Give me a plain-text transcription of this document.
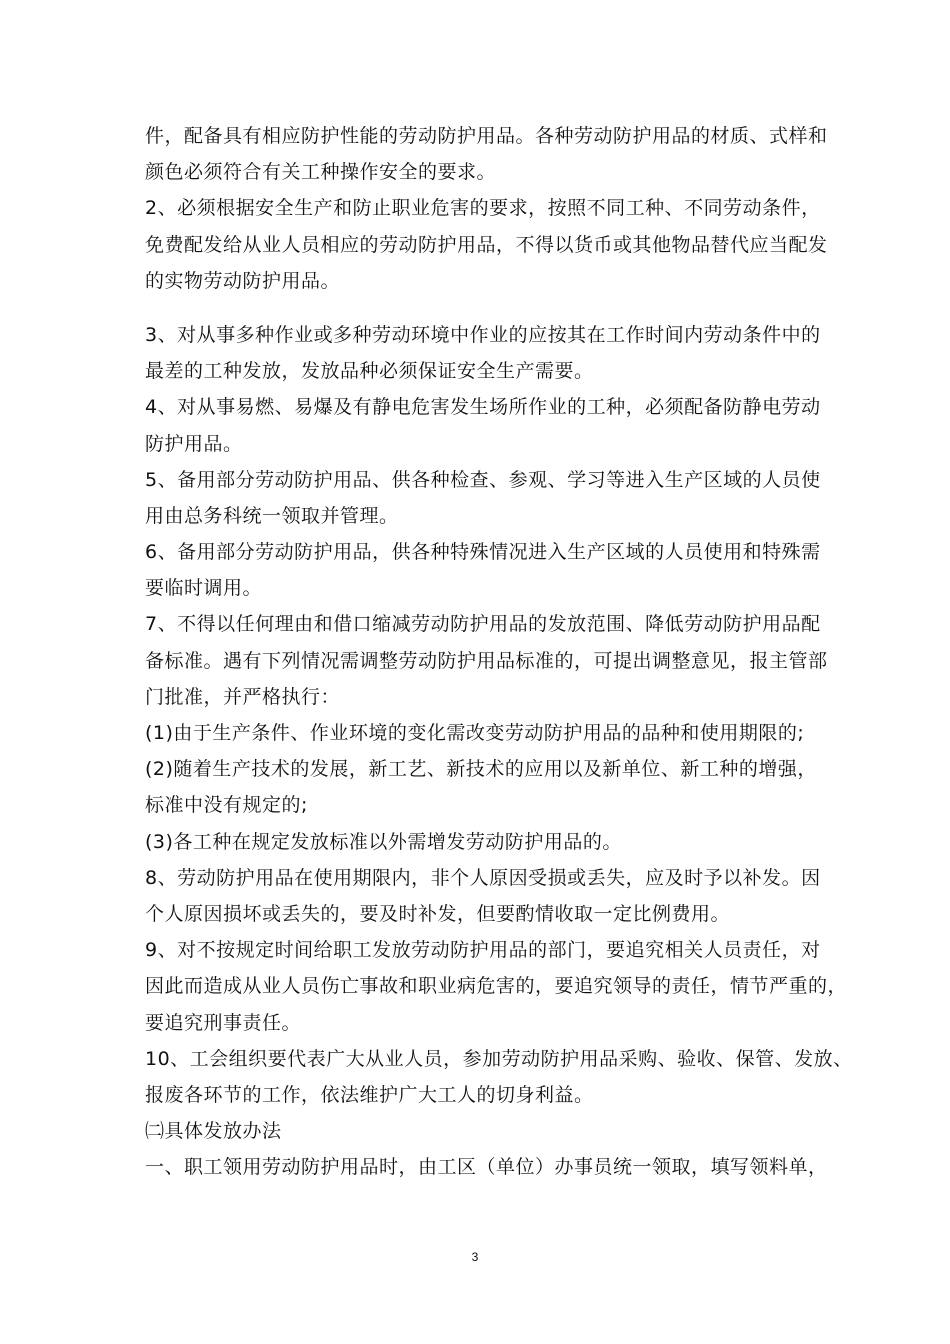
件，配备具有相应防护性能的劳动防护用品。各种劳动防护用品的材质、式样和
颜色必须符合有关工种操作安全的要求。
2、必须根据安全生产和防止职业危害的要求，按照不同工种、不同劳动条件，
免费配发给从业人员相应的劳动防护用品，不得以货币或其他物品替代应当配发
的实物劳动防护用品。
3、对从事多种作业或多种劳动环境中作业的应按其在工作时间内劳动条件中的
最差的工种发放，发放品种必须保证安全生产需要。
4、对从事易燃、易爆及有静电危害发生场所作业的工种，必须配备防静电劳动
防护用品。
5、备用部分劳动防护用品、供各种检查、参观、学习等进入生产区域的人员使
用由总务科统一领取并管理。
6、备用部分劳动防护用品，供各种特殊情况进入生产区域的人员使用和特殊需
要临时调用。
7、不得以任何理由和借口缩减劳动防护用品的发放范围、降低劳动防护用品配
备标准。遇有下列情况需调整劳动防护用品标准的，可提出调整意见，报主管部
门批准，并严格执行：
(1)由于生产条件、作业环境的变化需改变劳动防护用品的品种和使用期限的;
(2)随着生产技术的发展，新工艺、新技术的应用以及新单位、新工种的增强，
标准中没有规定的;
(3)各工种在规定发放标准以外需增发劳动防护用品的。
8、劳动防护用品在使用期限内，非个人原因受损或丢失，应及时予以补发。因
个人原因损坏或丢失的，要及时补发，但要酌情收取一定比例费用。
9、对不按规定时间给职工发放劳动防护用品的部门，要追究相关人员责任，对
因此而造成从业人员伤亡事故和职业病危害的，要追究领导的责任，情节严重的，
要追究刑事责任。
10、工会组织要代表广大从业人员，参加劳动防护用品采购、验收、保管、发放、
报废各环节的工作，依法维护广大工人的切身利益。
㈡具体发放办法
一、职工领用劳动防护用品时，由工区（单位）办事员统一领取，填写领料单，
3
